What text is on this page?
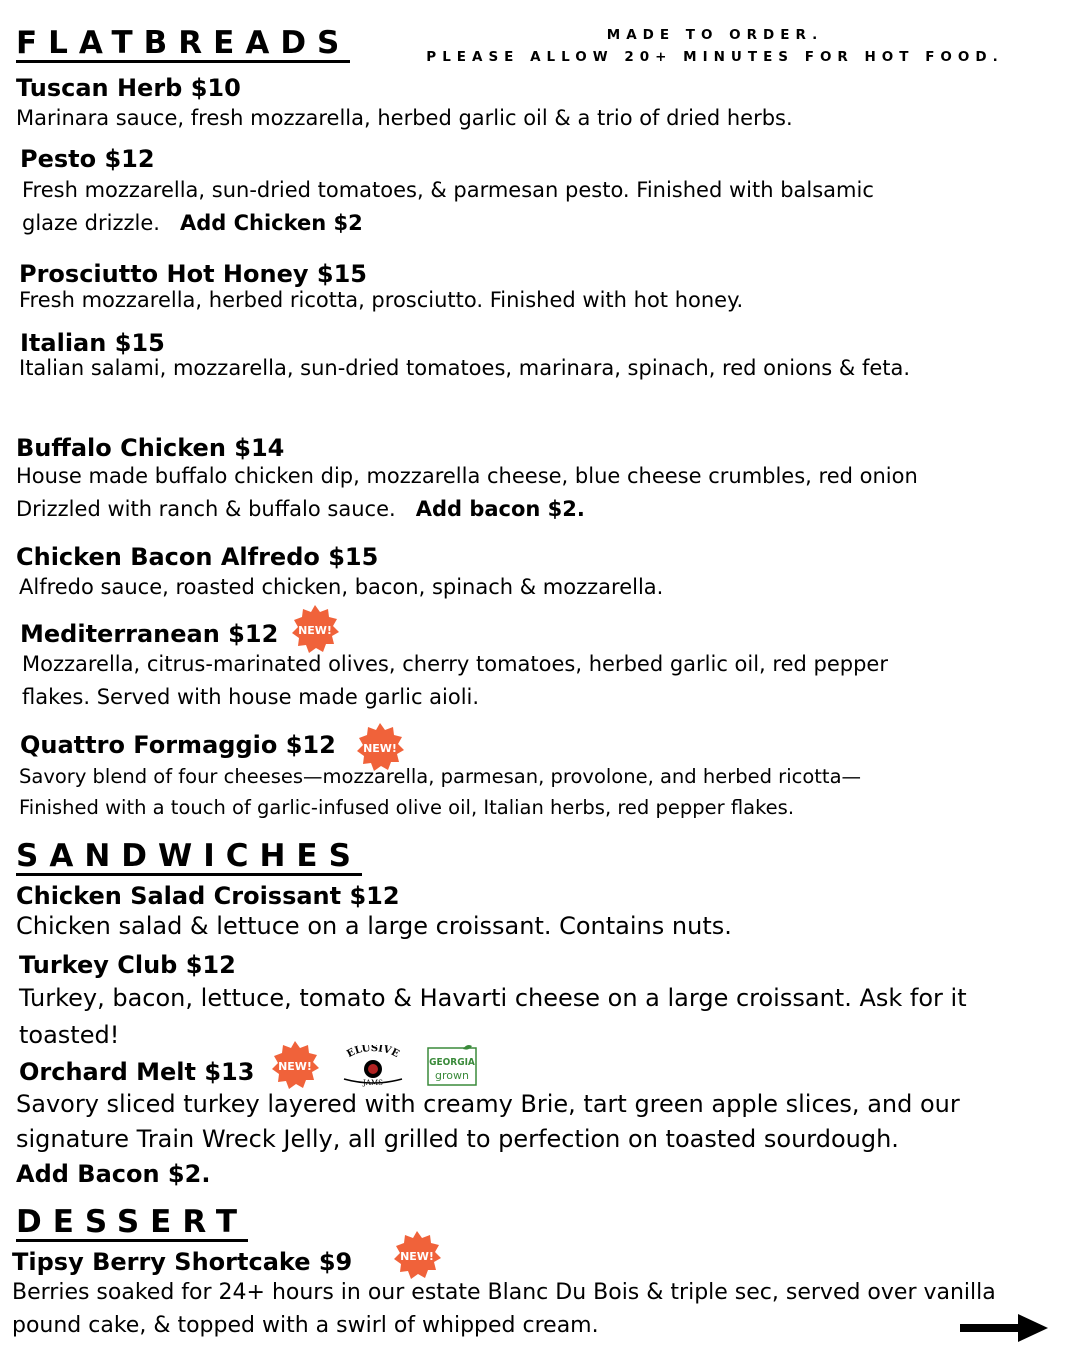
FLATBREADS	MADE TO ORDER.
PLEASE ALLOW 20+ MINUTES FOR HOT FOOD.
Tuscan Herb $10
Marinara sauce, fresh mozzarella, herbed garlic oil & a trio of dried herbs.
Pesto $12
Fresh mozzarella, sun-dried tomatoes, & parmesan pesto. Finished with balsamic glaze drizzle. Add Chicken $2
Prosciutto Hot Honey $15
Fresh mozzarella, herbed ricotta, prosciutto. Finished with hot honey.
Italian $15
Italian salami, mozzarella, sun-dried tomatoes, marinara, spinach, red onions & feta.
Buffalo Chicken $14
House made buffalo chicken dip, mozzarella cheese, blue cheese crumbles, red onion
Drizzled with ranch & buffalo sauce. Add bacon $2.
Chicken Bacon Alfredo $15
Alfredo sauce, roasted chicken, bacon, spinach & mozzarella.
Mediterranean $12 NEW!
Mozzarella, citrus-marinated olives, cherry tomatoes, herbed garlic oil, red pepper flakes. Served with house made garlic aioli.
Quattro Formaggio $12 NEW!
Savory blend of four cheeses—mozzarella, parmesan, provolone, and herbed ricotta—
Finished with a touch of garlic-infused olive oil, Italian herbs, red pepper flakes.
SANDWICHES
Chicken Salad Croissant $12
Chicken salad & lettuce on a large croissant. Contains nuts.
Turkey Club $12
Turkey, bacon, lettuce, tomato & Havarti cheese on a large croissant. Ask for it toasted!
Orchard Melt $13 NEW!
ELUSIVE
JAMS
GEORGIA
grown
Savory sliced turkey layered with creamy Brie, tart green apple slices, and our signature Train Wreck Jelly, all grilled to perfection on toasted sourdough.
Add Bacon $2.
DESSERT
Tipsy Berry Shortcake $9	NEW!
Berries soaked for 24+ hours in our estate Blanc Du Bois & triple sec, served over vanilla pound cake, & topped with a swirl of whipped cream.
